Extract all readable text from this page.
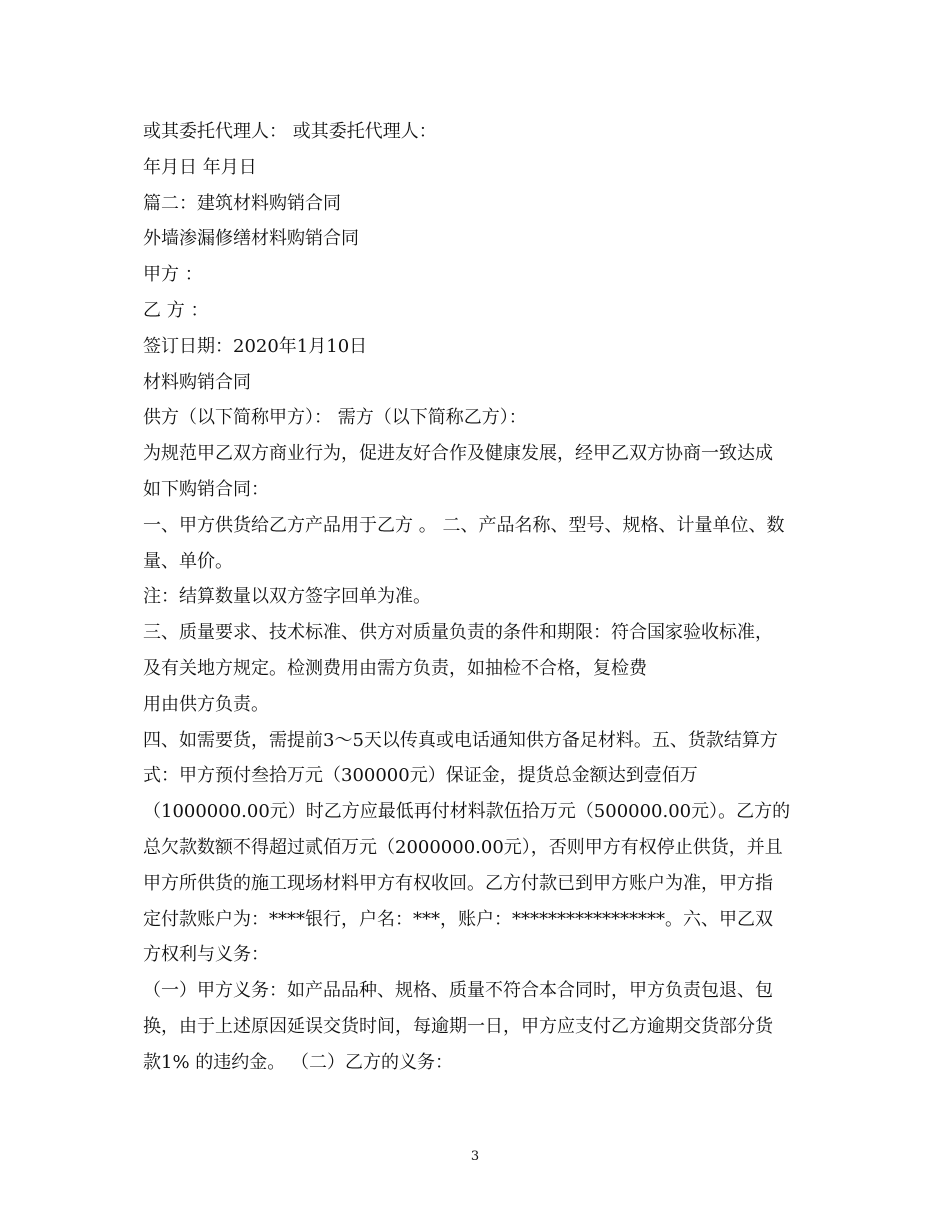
或其委托代理人： 或其委托代理人：
年月日 年月日
篇二：建筑材料购销合同
外墙渗漏修缮材料购销合同
甲方 ：
乙 方 ：
签订日期：2020年1月10日
材料购销合同
供方（以下简称甲方）： 需方（以下简称乙方）：
为规范甲乙双方商业行为，促进友好合作及健康发展，经甲乙双方协商一致达成
如下购销合同：
一、甲方供货给乙方产品用于乙方 。 二、产品名称、型号、规格、计量单位、数
量、单价。
注：结算数量以双方签字回单为准。
三、质量要求、技术标准、供方对质量负责的条件和期限：符合国家验收标准，
及有关地方规定。检测费用由需方负责，如抽检不合格，复检费
用由供方负责。
四、如需要货，需提前3～5天以传真或电话通知供方备足材料。五、货款结算方
式：甲方预付叁拾万元（300000元）保证金，提货总金额达到壹佰万
（1000000.00元）时乙方应最低再付材料款伍拾万元（500000.00元）。乙方的
总欠款数额不得超过贰佰万元（2000000.00元），否则甲方有权停止供货，并且
甲方所供货的施工现场材料甲方有权收回。乙方付款已到甲方账户为准，甲方指
定付款账户为：****银行，户名：***，账户：*****************。六、甲乙双
方权利与义务：
（一）甲方义务：如产品品种、规格、质量不符合本合同时，甲方负责包退、包
换，由于上述原因延误交货时间，每逾期一日，甲方应支付乙方逾期交货部分货
款1% 的违约金。 （二）乙方的义务：
3
